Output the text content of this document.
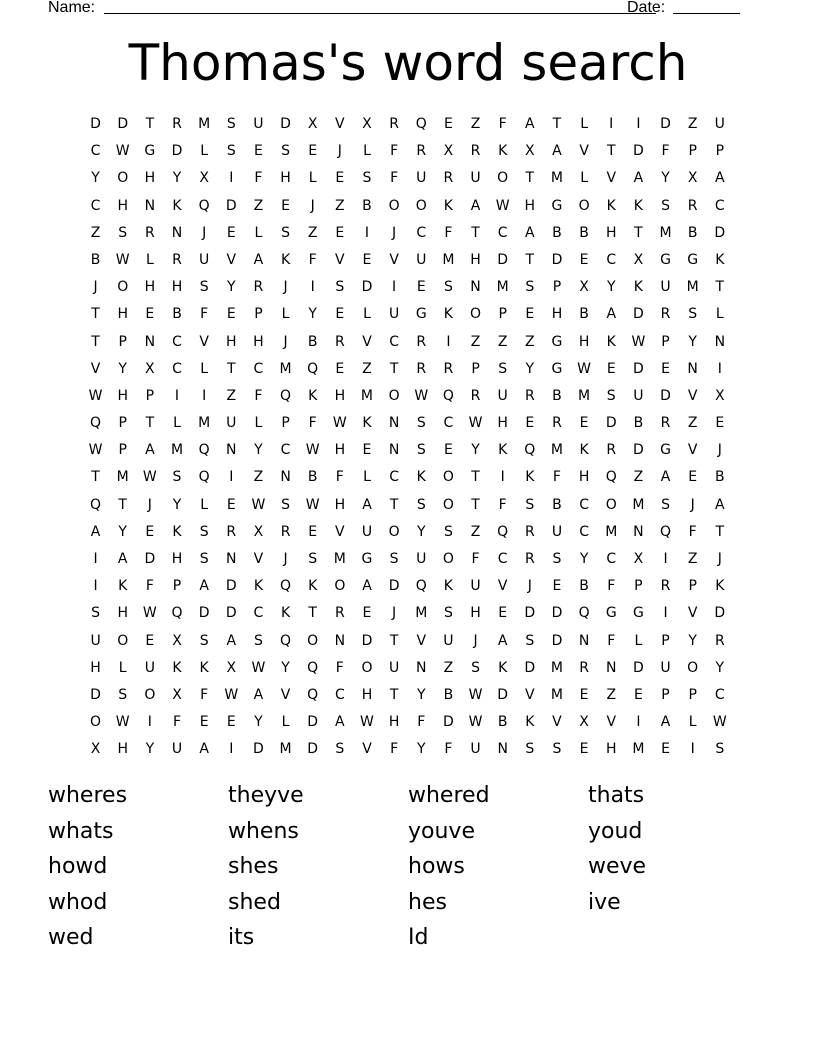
Name:	Date:
Thomas's word search
D	D	T	R	M	S	U	D	X	V	X	R	Q	E	Z	F	A	T	L	I	I	D	Z	U
C	W	G	D	L	S	E	S	E	J	L	F	R	X	R	K	X	A	V	T	D	F	P	P
Y	O	H	Y	X	I	F	H	L	E	S	F	U	R	U	O	T	M	L	V	A	Y	X	A
C	H	N	K	Q	D	Z	E	J	Z	B	O	O	K	A	W	H	G	O	K	K	S	R	C
Z	S	R	N	J	E	L	S	Z	E	I	J	C	F	T	C	A	B	B	H	T	M	B	D
B	W	L	R	U	V	A	K	F	V	E	V	U	M	H	D	T	D	E	C	X	G	G	K
J	O	H	H	S	Y	R	J	I	S	D	I	E	S	N	M	S	P	X	Y	K	U	M	T
T	H	E	B	F	E	P	L	Y	E	L	U	G	K	O	P	E	H	B	A	D	R	S	L
T	P	N	C	V	H	H	J	B	R	V	C	R	I	Z	Z	Z	G	H	K	W	P	Y	N
V	Y	X	C	L	T	C	M	Q	E	Z	T	R	R	P	S	Y	G	W	E	D	E	N	I
W	H	P	I	I	Z	F	Q	K	H	M	O	W	Q	R	U	R	B	M	S	U	D	V	X
Q	P	T	L	M	U	L	P	F	W	K	N	S	C	W	H	E	R	E	D	B	R	Z	E
W	P	A	M	Q	N	Y	C	W	H	E	N	S	E	Y	K	Q	M	K	R	D	G	V	J
T	M	W	S	Q	I	Z	N	B	F	L	C	K	O	T	I	K	F	H	Q	Z	A	E	B
Q	T	J	Y	L	E	W	S	W	H	A	T	S	O	T	F	S	B	C	O	M	S	J	A
A	Y	E	K	S	R	X	R	E	V	U	O	Y	S	Z	Q	R	U	C	M	N	Q	F	T
I	A	D	H	S	N	V	J	S	M	G	S	U	O	F	C	R	S	Y	C	X	I	Z	J
I	K	F	P	A	D	K	Q	K	O	A	D	Q	K	U	V	J	E	B	F	P	R	P	K
S	H	W	Q	D	D	C	K	T	R	E	J	M	S	H	E	D	D	Q	G	G	I	V	D
U	O	E	X	S	A	S	Q	O	N	D	T	V	U	J	A	S	D	N	F	L	P	Y	R
H	L	U	K	K	X	W	Y	Q	F	O	U	N	Z	S	K	D	M	R	N	D	U	O	Y
D	S	O	X	F	W	A	V	Q	C	H	T	Y	B	W	D	V	M	E	Z	E	P	P	C
O	W	I	F	E	E	Y	L	D	A	W	H	F	D	W	B	K	V	X	V	I	A	L	W
X	H	Y	U	A	I	D	M	D	S	V	F	Y	F	U	N	S	S	E	H	M	E	I	S
wheres	theyve	whered	thats
whats	whens	youve	youd
howd	shes	hows	weve
whod	shed	hes	ive
wed	its	Id
